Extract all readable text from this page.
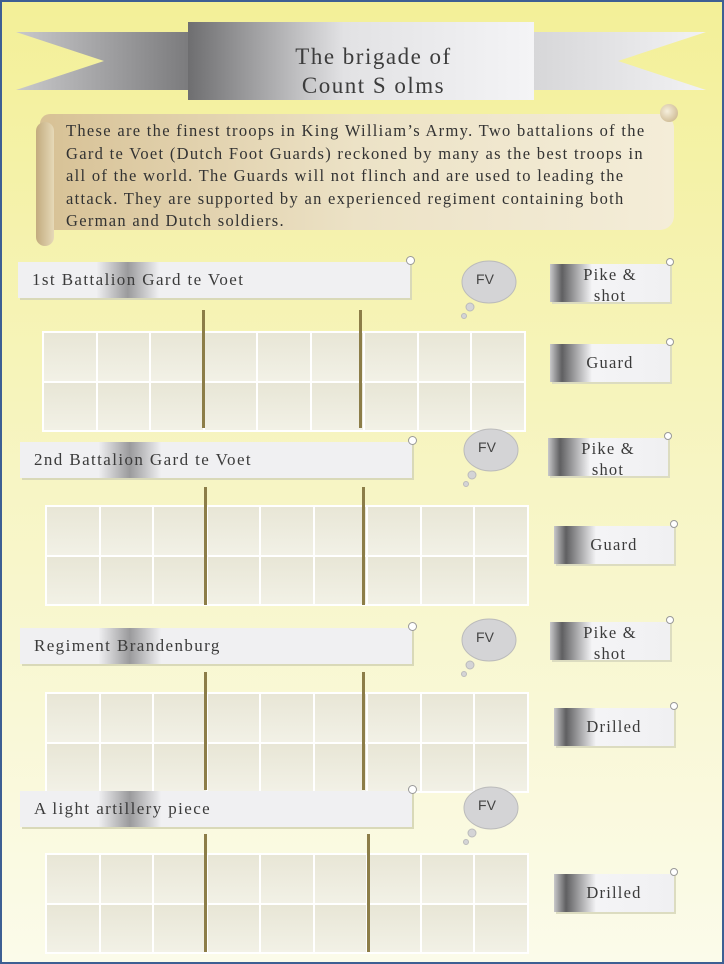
The brigade of
Count S olms
These are the finest troops in King William’s Army. Two battalions of the Gard te Voet (Dutch Foot Guards) reckoned by many as the best troops in all of the world. The Guards will not flinch and are used to leading the attack. They are supported by an experienced regiment containing both German and Dutch soldiers.
1st Battalion Gard te Voet	FV	Pike &
shot
Guard
2nd Battalion Gard te Voet
FV	Pike &
shot
Guard
Regiment Brandenburg	FV	Pike &
shot
Drilled
A light artillery piece	FV
Drilled
